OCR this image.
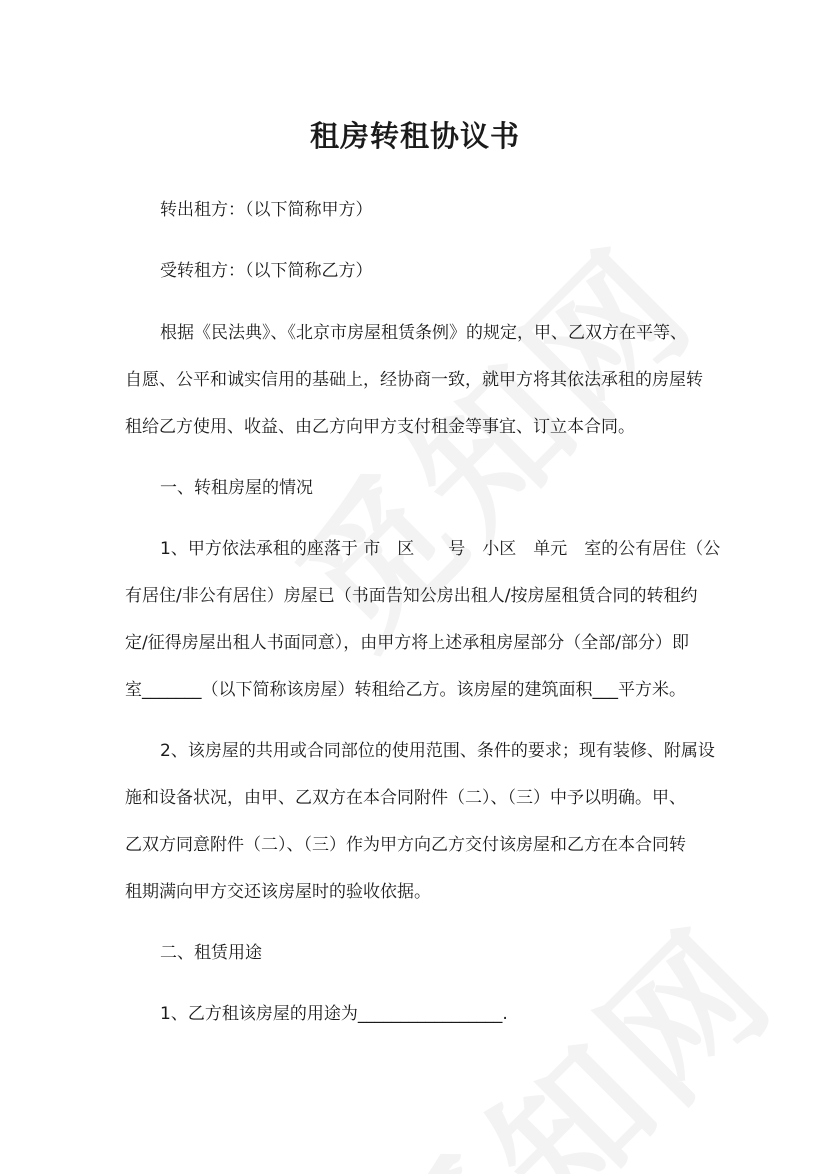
租房转租协议书

转出租方：（以下简称甲方）

受转租方：（以下简称乙方）

根据《民法典》、《北京市房屋租赁条例》的规定，甲、乙双方在平等、

自愿、公平和诚实信用的基础上，经协商一致，就甲方将其依法承租的房屋转

租给乙方使用、收益、由乙方向甲方支付租金等事宜、订立本合同。

一、转租房屋的情况

1、甲方依法承租的座落于 市　区　　号　小区　单元　室的公有居住（公

有居住/非公有居住）房屋已（书面告知公房出租人/按房屋租赁合同的转租约

定/征得房屋出租人书面同意），由甲方将上述承租房屋部分（全部/部分）即

室_______（以下简称该房屋）转租给乙方。该房屋的建筑面积___平方米。

2、该房屋的共用或合同部位的使用范围、条件的要求；现有装修、附属设

施和设备状况，由甲、乙双方在本合同附件（二）、（三）中予以明确。甲、

乙双方同意附件（二）、（三）作为甲方向乙方交付该房屋和乙方在本合同转

租期满向甲方交还该房屋时的验收依据。

二、租赁用途

1、乙方租该房屋的用途为_________________.
